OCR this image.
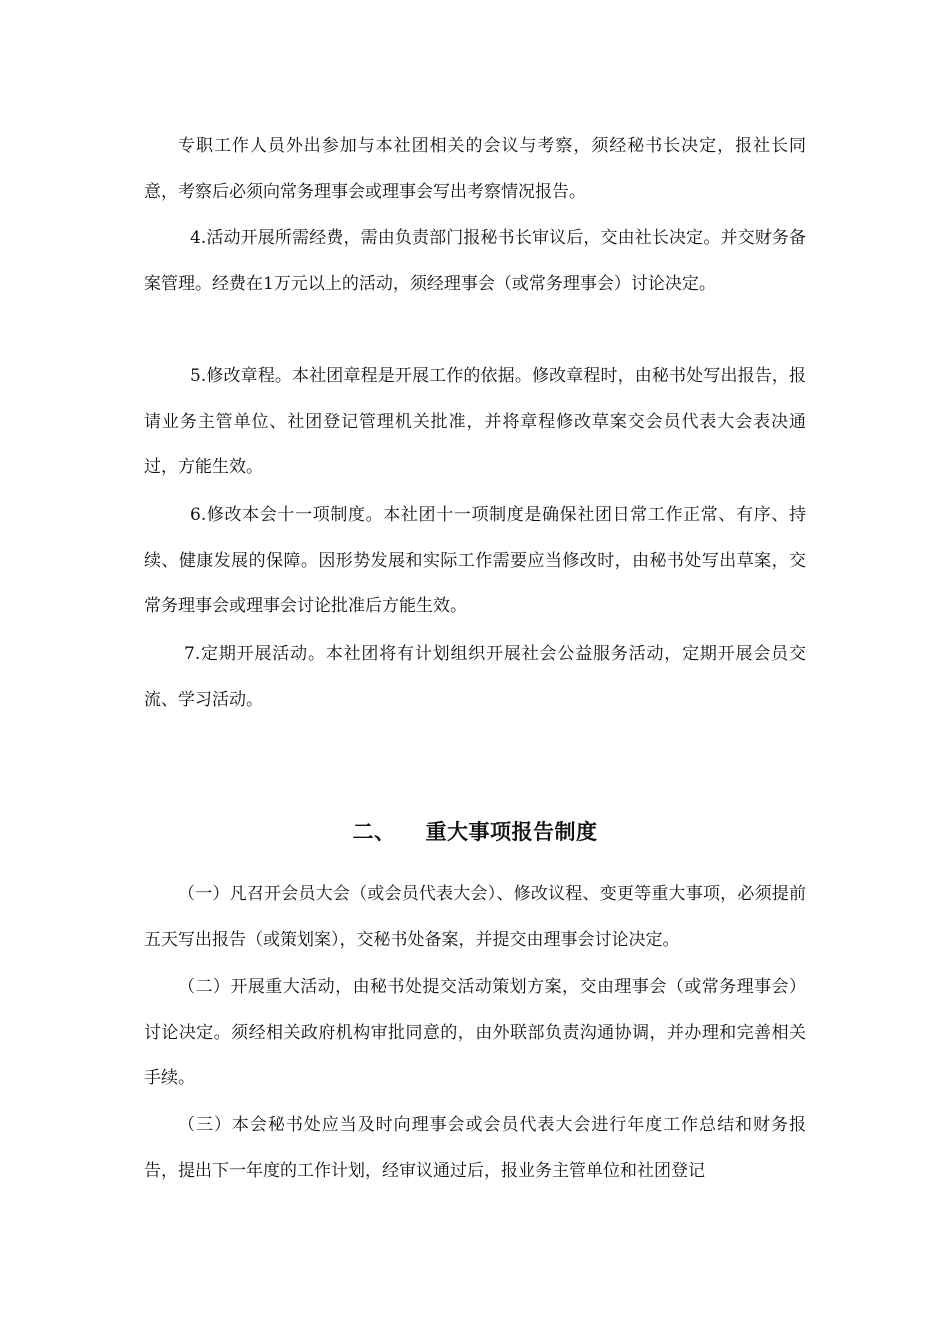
专职工作人员外出参加与本社团相关的会议与考察，须经秘书长决定，报社长同意，考察后必须向常务理事会或理事会写出考察情况报告。

4.活动开展所需经费，需由负责部门报秘书长审议后，交由社长决定。并交财务备案管理。经费在1万元以上的活动，须经理事会（或常务理事会）讨论决定。

5.修改章程。本社团章程是开展工作的依据。修改章程时，由秘书处写出报告，报请业务主管单位、社团登记管理机关批准，并将章程修改草案交会员代表大会表决通过，方能生效。

6.修改本会十一项制度。本社团十一项制度是确保社团日常工作正常、有序、持续、健康发展的保障。因形势发展和实际工作需要应当修改时，由秘书处写出草案，交常务理事会或理事会讨论批准后方能生效。

7.定期开展活动。本社团将有计划组织开展社会公益服务活动，定期开展会员交流、学习活动。

二、 重大事项报告制度

（一）凡召开会员大会（或会员代表大会）、修改议程、变更等重大事项，必须提前五天写出报告（或策划案），交秘书处备案，并提交由理事会讨论决定。

（二）开展重大活动，由秘书处提交活动策划方案，交由理事会（或常务理事会）讨论决定。须经相关政府机构审批同意的，由外联部负责沟通协调，并办理和完善相关手续。

（三）本会秘书处应当及时向理事会或会员代表大会进行年度工作总结和财务报告，提出下一年度的工作计划，经审议通过后，报业务主管单位和社团登记
